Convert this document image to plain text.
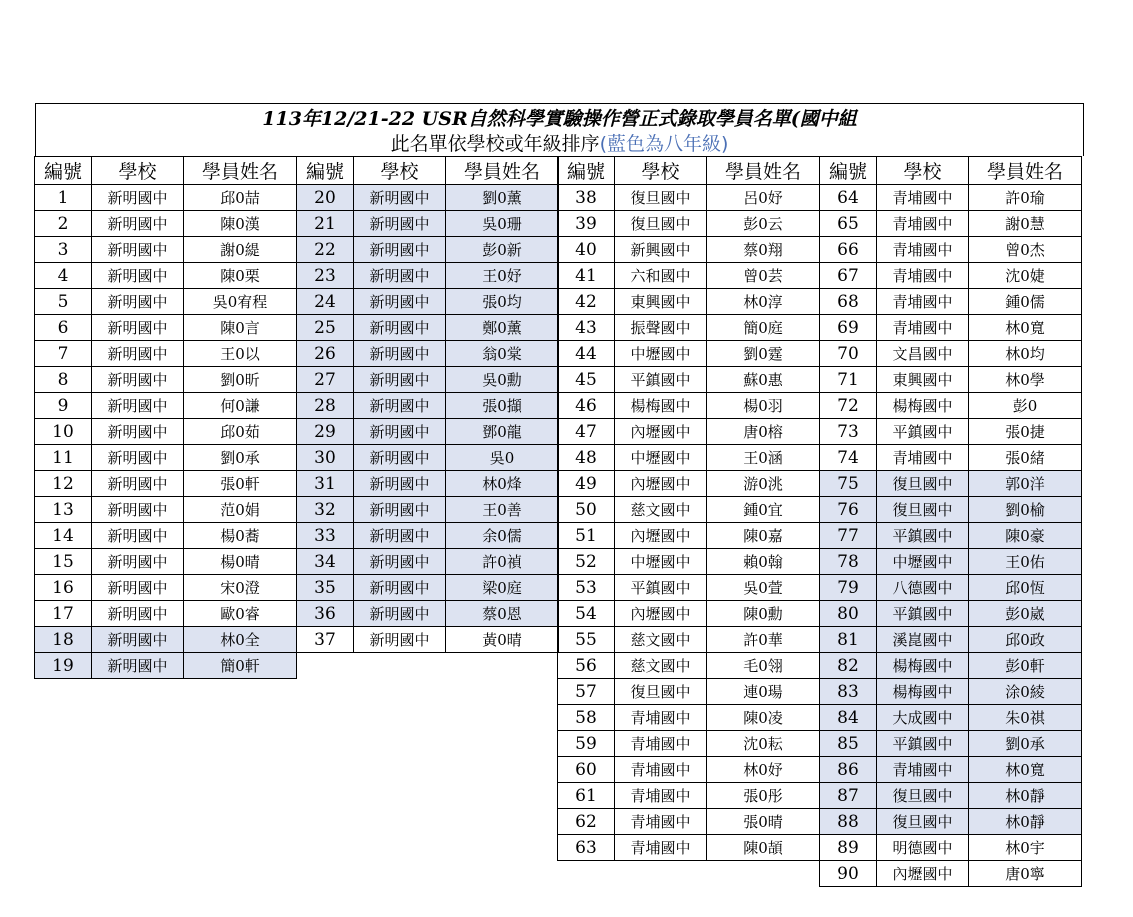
113年12/21-22 USR自然科學實驗操作營正式錄取學員名單(國中組
此名單依學校或年級排序(藍色為八年級)
編號	學校	學員姓名
1	新明國中	邱0喆
2	新明國中	陳0漢
3	新明國中	謝0緹
4	新明國中	陳0栗
5	新明國中	吳0宥程
6	新明國中	陳0言
7	新明國中	王0以
8	新明國中	劉0昕
9	新明國中	何0謙
10	新明國中	邱0茹
11	新明國中	劉0承
12	新明國中	張0軒
13	新明國中	范0娟
14	新明國中	楊0蕎
15	新明國中	楊0晴
16	新明國中	宋0澄
17	新明國中	歐0睿
18	新明國中	林0全
19	新明國中	簡0軒
編號	學校	學員姓名
20	新明國中	劉0薰
21	新明國中	吳0珊
22	新明國中	彭0新
23	新明國中	王0妤
24	新明國中	張0均
25	新明國中	鄭0薰
26	新明國中	翁0棠
27	新明國中	吳0勳
28	新明國中	張0擷
29	新明國中	鄧0龍
30	新明國中	吳0
31	新明國中	林0烽
32	新明國中	王0善
33	新明國中	余0儒
34	新明國中	許0禎
35	新明國中	梁0庭
36	新明國中	蔡0恩
37	新明國中	黃0晴
編號	學校	學員姓名
38	復旦國中	呂0妤
39	復旦國中	彭0云
40	新興國中	蔡0翔
41	六和國中	曾0芸
42	東興國中	林0淳
43	振聲國中	簡0庭
44	中壢國中	劉0霆
45	平鎮國中	蘇0惠
46	楊梅國中	楊0羽
47	內壢國中	唐0榕
48	中壢國中	王0涵
49	內壢國中	游0洮
50	慈文國中	鍾0宜
51	內壢國中	陳0嘉
52	中壢國中	賴0翰
53	平鎮國中	吳0萱
54	內壢國中	陳0勳
55	慈文國中	許0華
56	慈文國中	毛0翎
57	復旦國中	連0瑒
58	青埔國中	陳0凌
59	青埔國中	沈0耘
60	青埔國中	林0妤
61	青埔國中	張0彤
62	青埔國中	張0晴
63	青埔國中	陳0頡
編號	學校	學員姓名
64	青埔國中	許0瑜
65	青埔國中	謝0慧
66	青埔國中	曾0杰
67	青埔國中	沈0婕
68	青埔國中	鍾0儒
69	青埔國中	林0寬
70	文昌國中	林0均
71	東興國中	林0學
72	楊梅國中	彭0
73	平鎮國中	張0捷
74	青埔國中	張0緒
75	復旦國中	郭0洋
76	復旦國中	劉0榆
77	平鎮國中	陳0豪
78	中壢國中	王0佑
79	八德國中	邱0恆
80	平鎮國中	彭0崴
81	溪崑國中	邱0政
82	楊梅國中	彭0軒
83	楊梅國中	涂0綾
84	大成國中	朱0祺
85	平鎮國中	劉0承
86	青埔國中	林0寬
87	復旦國中	林0靜
88	復旦國中	林0靜
89	明德國中	林0宇
90	內壢國中	唐0寧
